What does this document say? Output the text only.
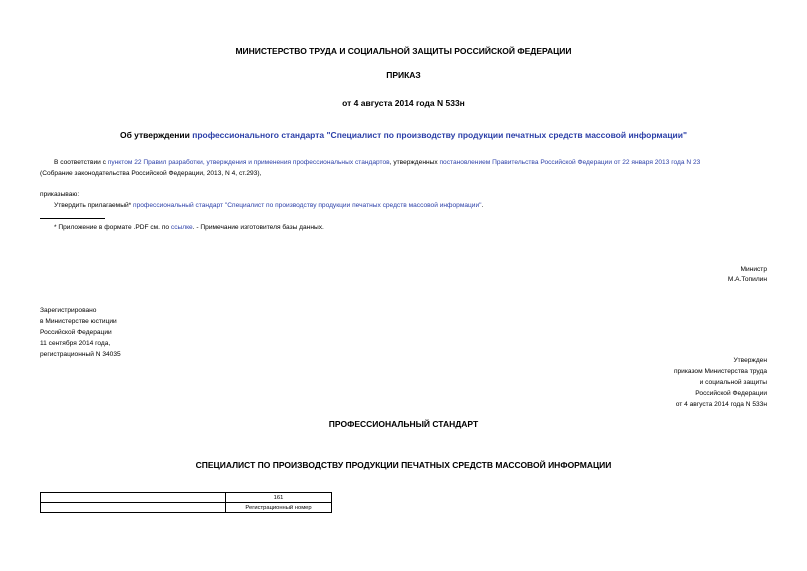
МИНИСТЕРСТВО ТРУДА И СОЦИАЛЬНОЙ ЗАЩИТЫ РОССИЙСКОЙ ФЕДЕРАЦИИ
ПРИКАЗ
от 4 августа 2014 года N 533н
Об утверждении профессионального стандарта "Специалист по производству продукции печатных средств массовой информации"
В соответствии с пунктом 22 Правил разработки, утверждения и применения профессиональных стандартов, утвержденных постановлением Правительства Российской Федерации от 22 января 2013 года N 23
(Собрание законодательства Российской Федерации, 2013, N 4, ст.293),
приказываю:
Утвердить прилагаемый* профессиональный стандарт "Специалист по производству продукции печатных средств массовой информации".
* Приложение в формате .PDF см. по ссылке. - Примечание изготовителя базы данных.
Министр
М.А.Топилин
Зарегистрировано
в Министерстве юстиции
Российской Федерации
11 сентября 2014 года,
регистрационный N 34035
Утвержден
приказом Министерства труда
и социальной защиты
Российской Федерации
от 4 августа 2014 года N 533н
ПРОФЕССИОНАЛЬНЫЙ СТАНДАРТ
СПЕЦИАЛИСТ ПО ПРОИЗВОДСТВУ ПРОДУКЦИИ ПЕЧАТНЫХ СРЕДСТВ МАССОВОЙ ИНФОРМАЦИИ
	161
	Регистрационный номер
